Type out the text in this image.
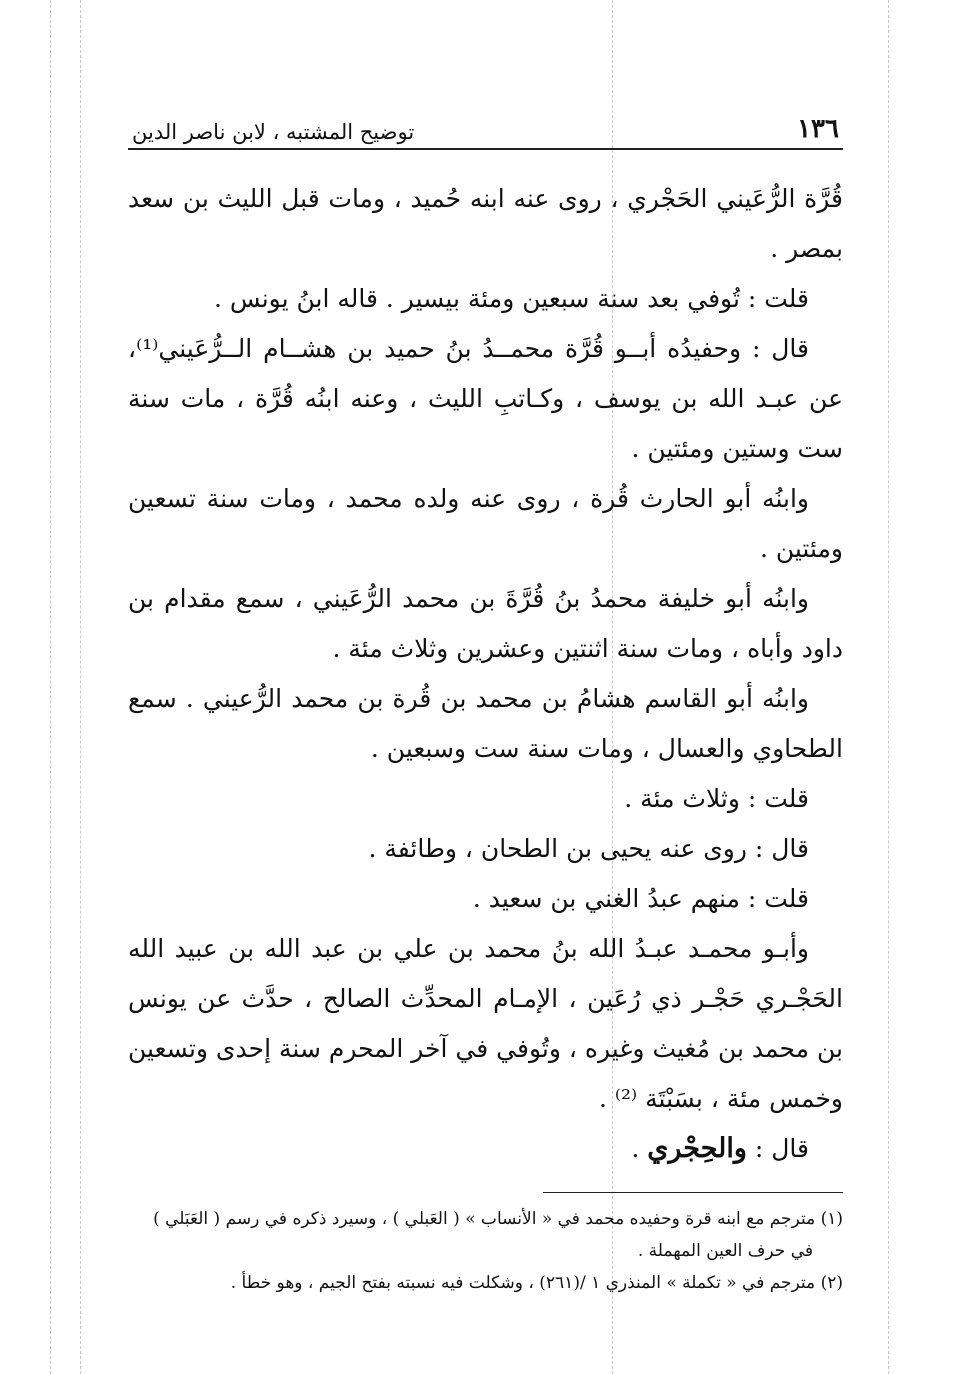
١٣٦
توضيح المشتبه ، لابن ناصر الدين

قُرَّة الرُّعَيني الحَجْري ، روى عنه ابنه حُميد ، ومات قبل الليث بن سعد بمصر .

قلت : تُوفي بعد سنة سبعين ومئة بيسير . قاله ابنُ يونس .

قال : وحفيدُه أبــو قُرَّة محمــدُ بنُ حميد بن هشــام الــرُّعَيني⁽¹⁾، عن عبـد الله بن يوسف ، وكـاتبِ الليث ، وعنه ابنُه قُرَّة ، مات سنة ست وستين ومئتين .

وابنُه أبو الحارث قُرة ، روى عنه ولده محمد ، ومات سنة تسعين ومئتين .

وابنُه أبو خليفة محمدُ بنُ قُرَّةَ بن محمد الرُّعَيني ، سمع مقدام بن داود وأباه ، ومات سنة اثنتين وعشرين وثلاث مئة .

وابنُه أبو القاسم هشامُ بن محمد بن قُرة بن محمد الرُّعيني . سمع الطحاوي والعسال ، ومات سنة ست وسبعين .

قلت : وثلاث مئة .

قال : روى عنه يحيى بن الطحان ، وطائفة .

قلت : منهم عبدُ الغني بن سعيد .

وأبـو محمـد عبـدُ الله بنُ محمد بن علي بن عبد الله بن عبيد الله الحَجْـري حَجْـر ذي رُعَين ، الإمـام المحدِّث الصالح ، حدَّث عن يونس بن محمد بن مُغيث وغيره ، وتُوفي في آخر المحرم سنة إحدى وتسعين وخمس مئة ، بسَبْتَة ⁽²⁾ .

قال : والحِجْري .

(١) مترجم مع ابنه قرة وحفيده محمد في « الأنساب » ( العَبلي ) ، وسيرد ذكره في رسم ( العَبَلي )
في حرف العين المهملة .

(٢) مترجم في « تكملة » المنذري ١ /(٢٦١) ، وشكلت فيه نسبته بفتح الجيم ، وهو خطأ .
